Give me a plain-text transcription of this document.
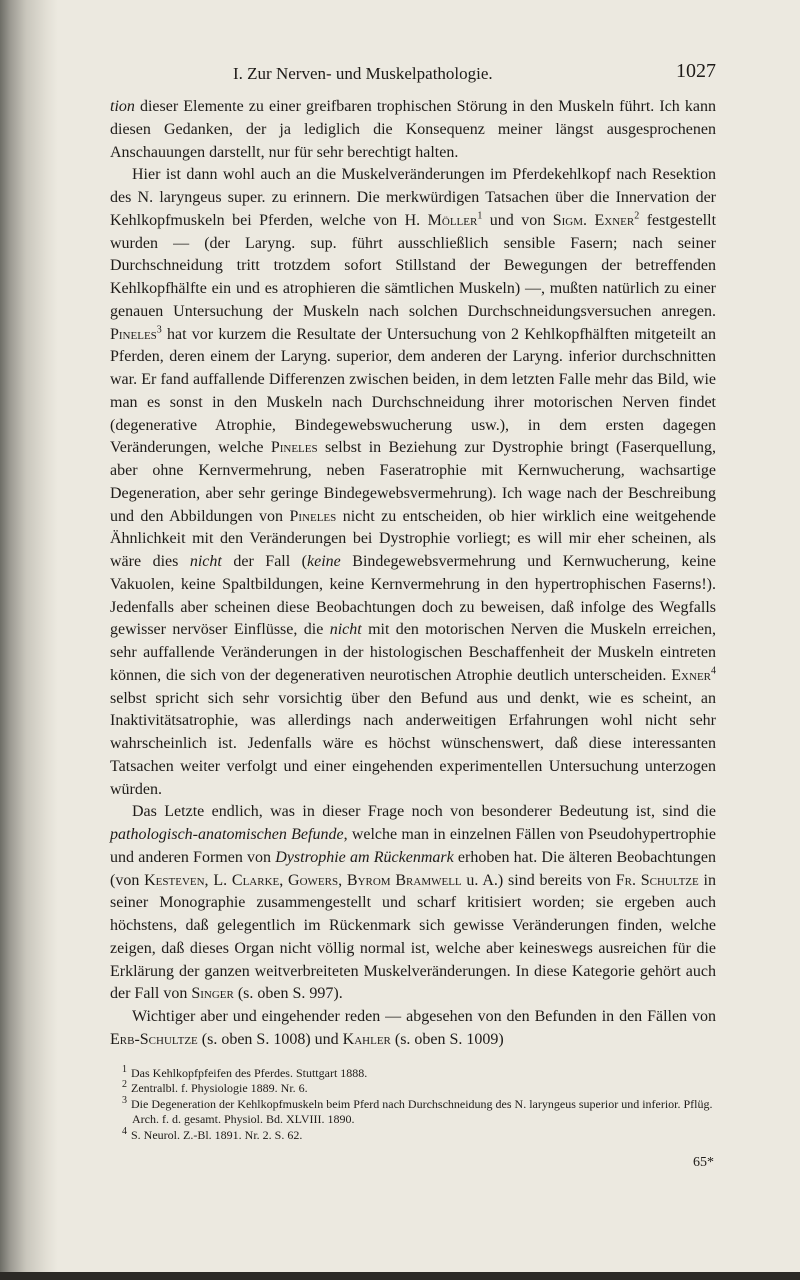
I. Zur Nerven- und Muskelpathologie.	1027

tion dieser Elemente zu einer greifbaren trophischen Störung in den Muskeln führt. Ich kann diesen Gedanken, der ja lediglich die Konsequenz meiner längst ausgesprochenen Anschauungen darstellt, nur für sehr berechtigt halten.

Hier ist dann wohl auch an die Muskelveränderungen im Pferdekehlkopf nach Resektion des N. laryngeus super. zu erinnern. Die merkwürdigen Tatsachen über die Innervation der Kehlkopfmuskeln bei Pferden, welche von H. Möller$^1$ und von Sigm. Exner$^2$ festgestellt wurden — (der Laryng. sup. führt ausschließlich sensible Fasern; nach seiner Durchschneidung tritt trotzdem sofort Stillstand der Bewegungen der betreffenden Kehlkopfhälfte ein und es atrophieren die sämtlichen Muskeln) —, mußten natürlich zu einer genauen Untersuchung der Muskeln nach solchen Durchschneidungsversuchen anregen. Pineles$^3$ hat vor kurzem die Resultate der Untersuchung von 2 Kehlkopfhälften mitgeteilt an Pferden, deren einem der Laryng. superior, dem anderen der Laryng. inferior durchschnitten war. Er fand auffallende Differenzen zwischen beiden, in dem letzten Falle mehr das Bild, wie man es sonst in den Muskeln nach Durchschneidung ihrer motorischen Nerven findet (degenerative Atrophie, Bindegewebswucherung usw.), in dem ersten dagegen Veränderungen, welche Pineles selbst in Beziehung zur Dystrophie bringt (Faserquellung, aber ohne Kernvermehrung, neben Faseratrophie mit Kernwucherung, wachsartige Degeneration, aber sehr geringe Bindegewebsvermehrung). Ich wage nach der Beschreibung und den Abbildungen von Pineles nicht zu entscheiden, ob hier wirklich eine weitgehende Ähnlichkeit mit den Veränderungen bei Dystrophie vorliegt; es will mir eher scheinen, als wäre dies nicht der Fall (keine Bindegewebsvermehrung und Kernwucherung, keine Vakuolen, keine Spaltbildungen, keine Kernvermehrung in den hypertrophischen Faserns!). Jedenfalls aber scheinen diese Beobachtungen doch zu beweisen, daß infolge des Wegfalls gewisser nervöser Einflüsse, die nicht mit den motorischen Nerven die Muskeln erreichen, sehr auffallende Veränderungen in der histologischen Beschaffenheit der Muskeln eintreten können, die sich von der degenerativen neurotischen Atrophie deutlich unterscheiden. Exner$^4$ selbst spricht sich sehr vorsichtig über den Befund aus und denkt, wie es scheint, an Inaktivitätsatrophie, was allerdings nach anderweitigen Erfahrungen wohl nicht sehr wahrscheinlich ist. Jedenfalls wäre es höchst wünschenswert, daß diese interessanten Tatsachen weiter verfolgt und einer eingehenden experimentellen Untersuchung unterzogen würden.

Das Letzte endlich, was in dieser Frage noch von besonderer Bedeutung ist, sind die pathologisch-anatomischen Befunde, welche man in einzelnen Fällen von Pseudohypertrophie und anderen Formen von Dystrophie am Rückenmark erhoben hat. Die älteren Beobachtungen (von Kesteven, L. Clarke, Gowers, Byrom Bramwell u. A.) sind bereits von Fr. Schultze in seiner Monographie zusammengestellt und scharf kritisiert worden; sie ergeben auch höchstens, daß gelegentlich im Rückenmark sich gewisse Veränderungen finden, welche zeigen, daß dieses Organ nicht völlig normal ist, welche aber keineswegs ausreichen für die Erklärung der ganzen weitverbreiteten Muskelveränderungen. In diese Kategorie gehört auch der Fall von Singer (s. oben S. 997).

Wichtiger aber und eingehender reden — abgesehen von den Befunden in den Fällen von Erb-Schultze (s. oben S. 1008) und Kahler (s. oben S. 1009)

$^1$ Das Kehlkopfpfeifen des Pferdes. Stuttgart 1888.

$^2$ Zentralbl. f. Physiologie 1889. Nr. 6.

$^3$ Die Degeneration der Kehlkopfmuskeln beim Pferd nach Durchschneidung des N. laryngeus superior und inferior. Pflüg. Arch. f. d. gesamt. Physiol. Bd. XLVIII. 1890.

$^4$ S. Neurol. Z.-Bl. 1891. Nr. 2. S. 62.

65*
